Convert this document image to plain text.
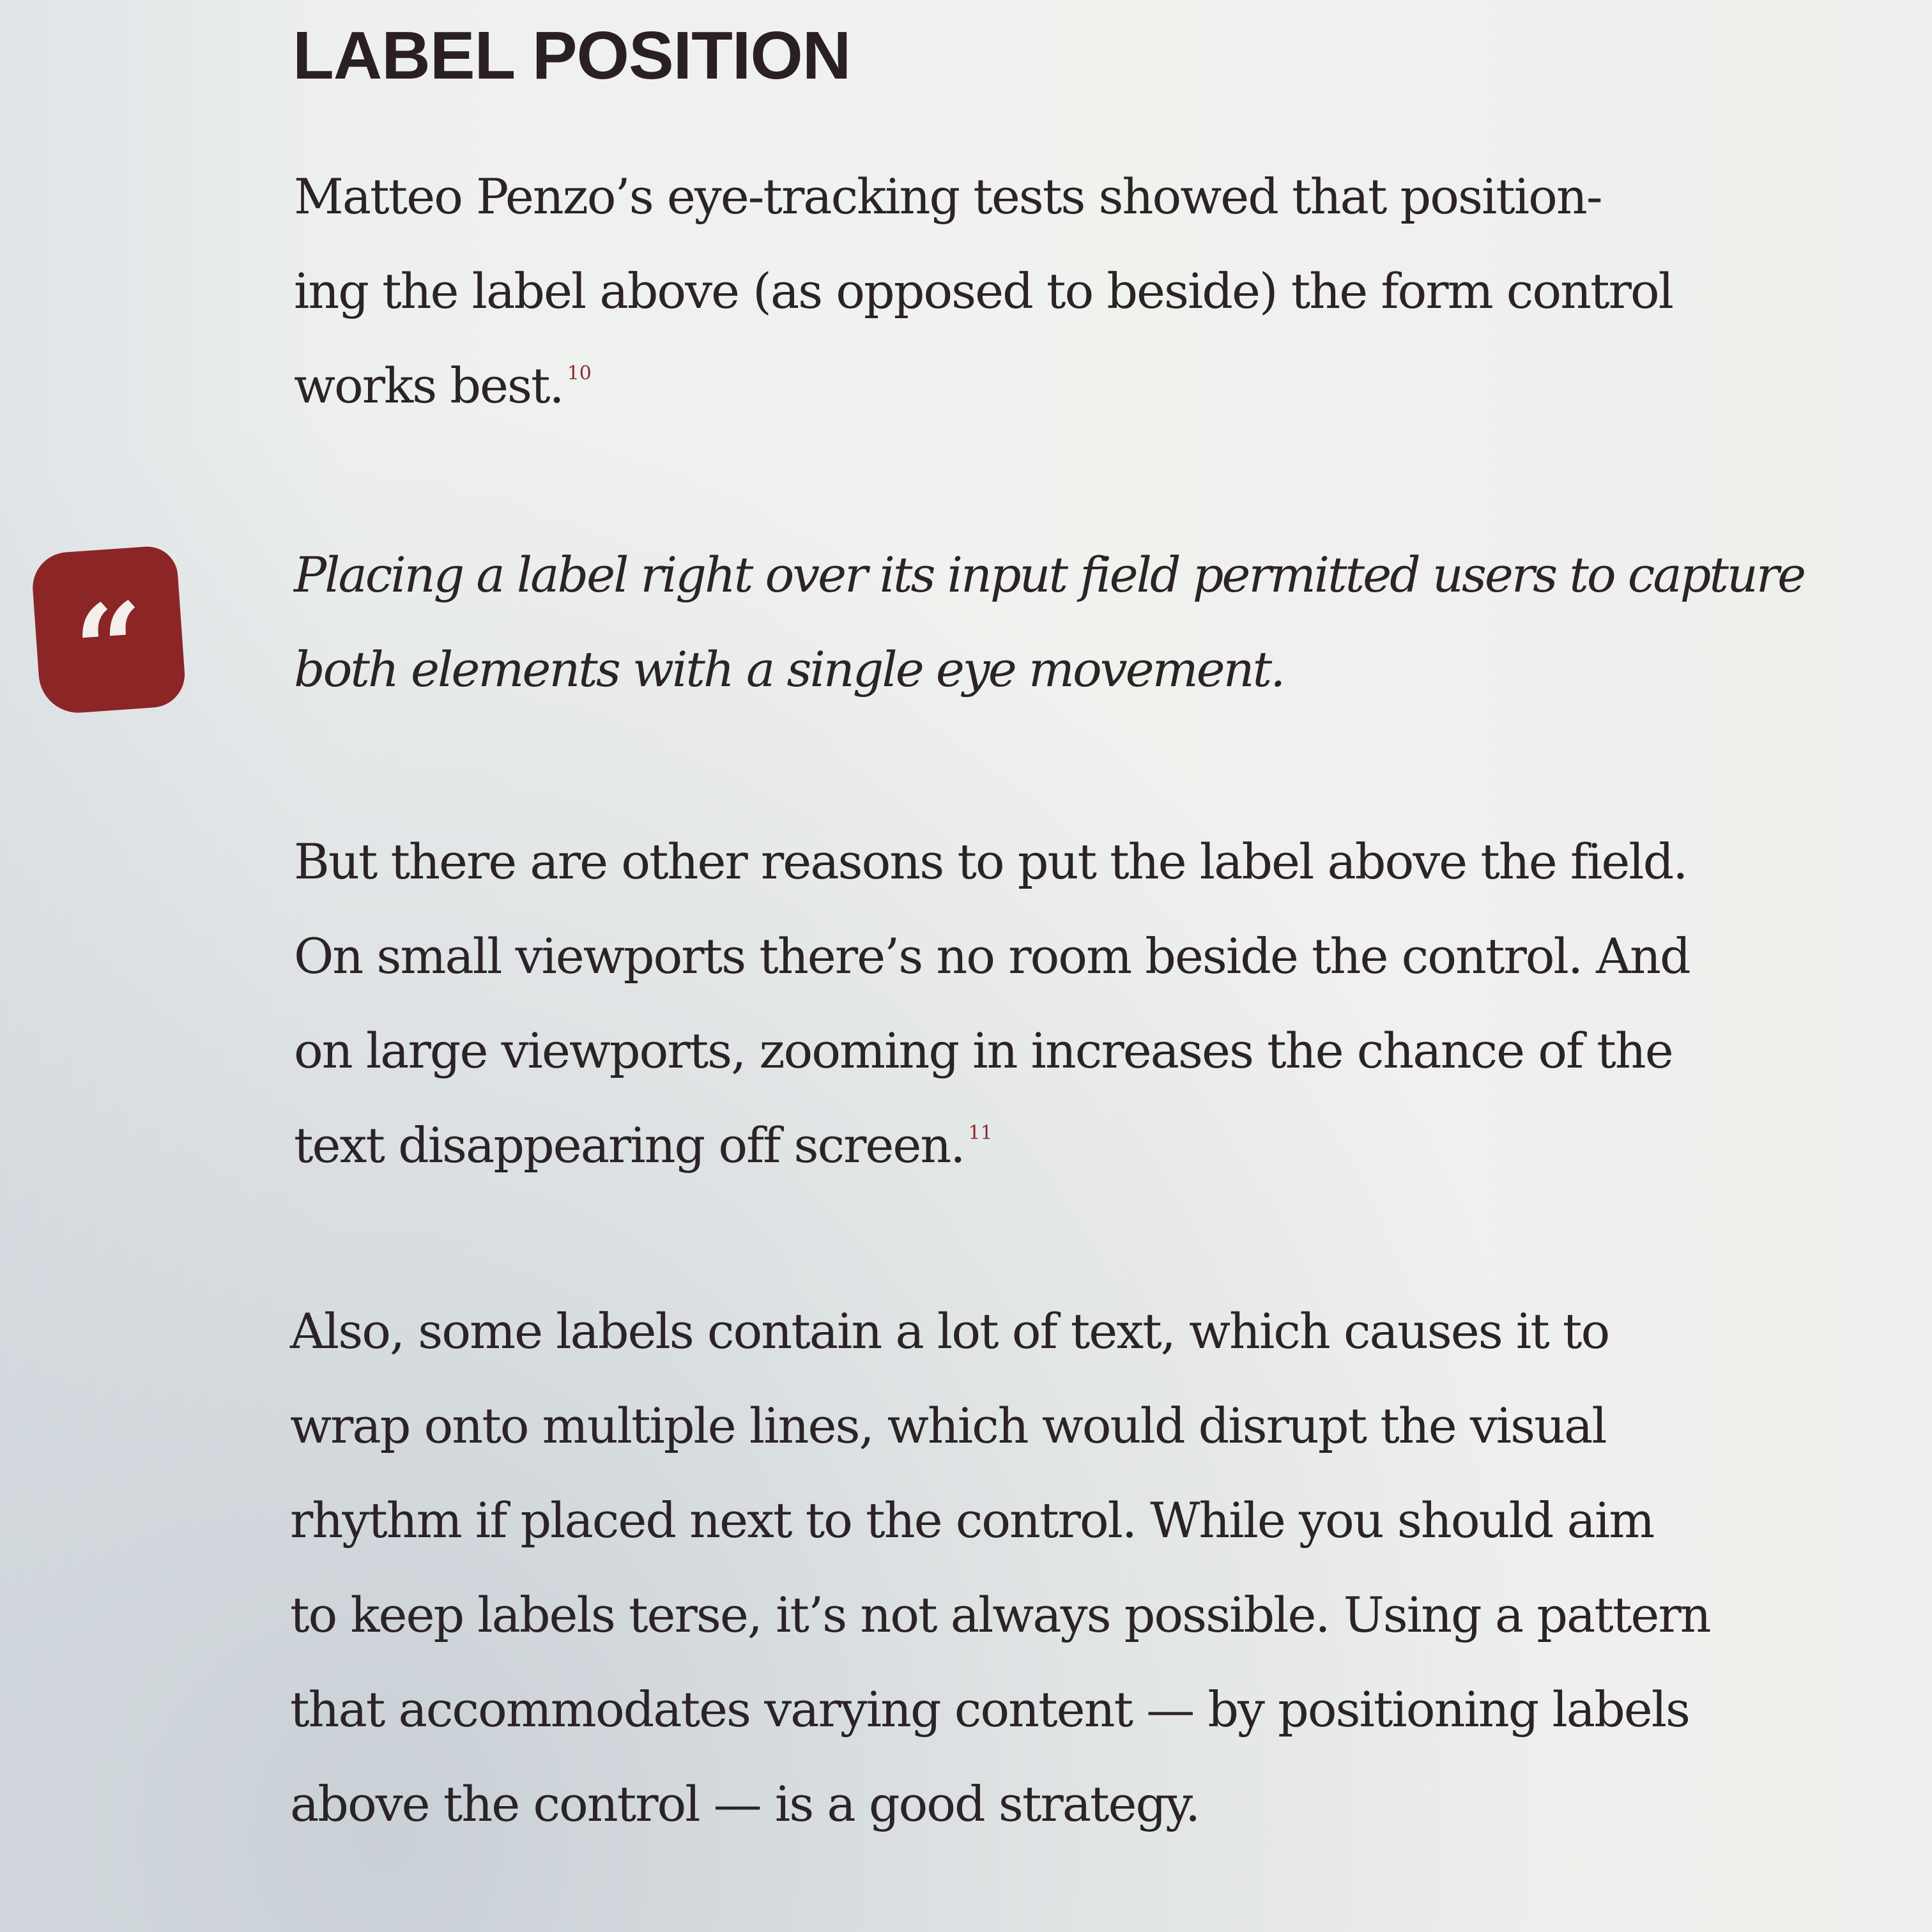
LABEL POSITION

Matteo Penzo’s eye-tracking tests showed that position-
ing the label above (as opposed to beside) the form control
works best. $^{10}$

“

Placing a label right over its input field permitted users to capture
both elements with a single eye movement.

But there are other reasons to put the label above the field.
On small viewports there’s no room beside the control. And
on large viewports, zooming in increases the chance of the
text disappearing off screen. $^{11}$

Also, some labels contain a lot of text, which causes it to
wrap onto multiple lines, which would disrupt the visual
rhythm if placed next to the control. While you should aim
to keep labels terse, it’s not always possible. Using a pattern
that accommodates varying content — by positioning labels
above the control — is a good strategy.
